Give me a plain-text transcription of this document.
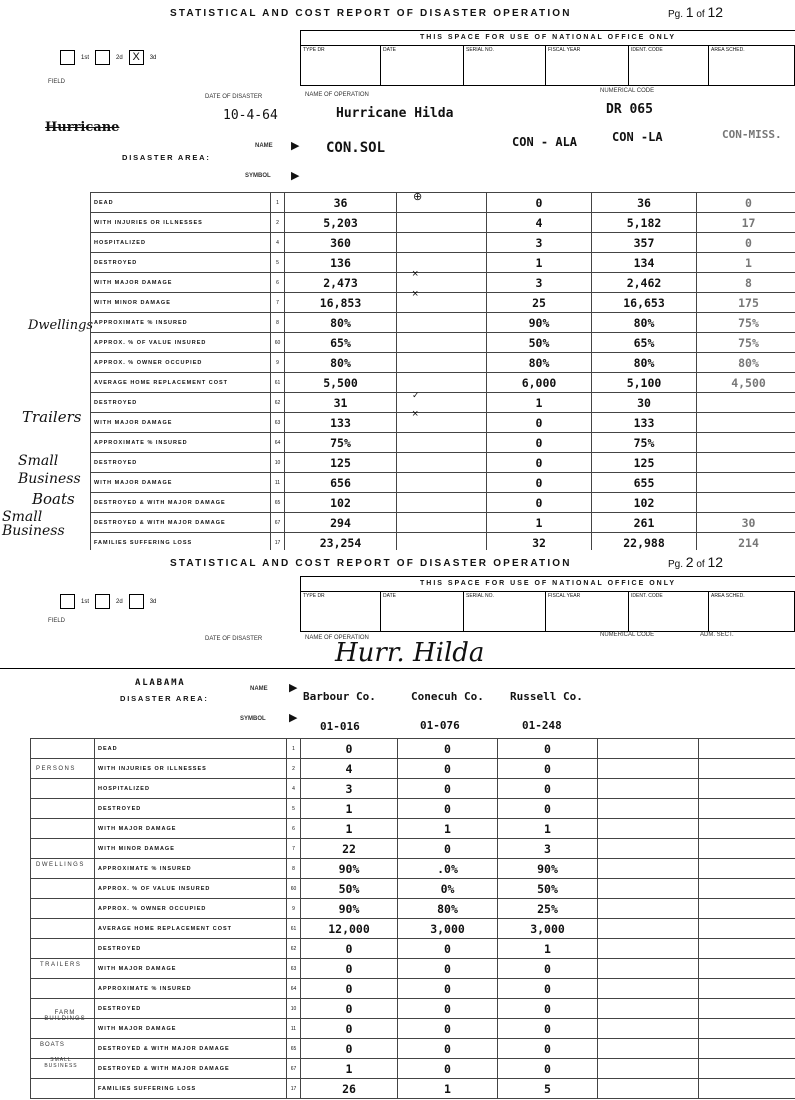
STATISTICAL AND COST REPORT OF DISASTER OPERATION	Pg. 1 of 12
THIS SPACE FOR USE OF NATIONAL OFFICE ONLY
TYPE DR	DATE	SERIAL NO.	FISCAL YEAR	IDENT. CODE	AREA SCHED.
1st	2d X	3d
FIELD
DATE OF DISASTER	NAME OF OPERATION
NUMERICAL CODE
Hurricane
10-4-64	Hurricane Hilda	DR 065
DISASTER AREA:
NAME
SYMBOL
▶
▶
CON.SOL	CON - ALA	CON -LA	CON-MISS.
Dwellings
Trailers
Small Business
Boats
Small Business
DEAD	1	36		0	36	0
WITH INJURIES OR ILLNESSES	2	5,203		4	5,182	17
HOSPITALIZED	4	360		3	357	0
DESTROYED	5	136		1	134	1
WITH MAJOR DAMAGE	6	2,473		3	2,462	8
WITH MINOR DAMAGE	7	16,853		25	16,653	175
APPROXIMATE % INSURED	8	80%		90%	80%	75%
APPROX. % OF VALUE INSURED	60	65%		50%	65%	75%
APPROX. % OWNER OCCUPIED	9	80%		80%	80%	80%
AVERAGE HOME REPLACEMENT COST	61	5,500		6,000	5,100	4,500
DESTROYED	62	31		1	30	
WITH MAJOR DAMAGE	63	133		0	133	
APPROXIMATE % INSURED	64	75%		0	75%	
DESTROYED	10	125		0	125	
WITH MAJOR DAMAGE	11	656		0	655	
DESTROYED & WITH MAJOR DAMAGE	65	102		0	102	
DESTROYED & WITH MAJOR DAMAGE	67	294		1	261	30
FAMILIES SUFFERING LOSS	17	23,254		32	22,988	214
⊕
×
×
✓
×
STATISTICAL AND COST REPORT OF DISASTER OPERATION	Pg. 2 of 12
THIS SPACE FOR USE OF NATIONAL OFFICE ONLY
TYPE DR	DATE	SERIAL NO.	FISCAL YEAR	IDENT. CODE	AREA SCHED.
1st	2d	3d
FIELD
DATE OF DISASTER	NAME OF OPERATION	NUMERICAL CODE	ADM. SECT.
Hurr. Hilda
ALABAMA
DISASTER AREA:
NAME
SYMBOL
▶
▶
Barbour Co.	Conecuh Co. Russell Co.
01-016	01-076	01-248
PERSONS
DWELLINGS
TRAILERS
FARM BUILDINGS
BOATS
SMALL BUSINESS
	DEAD	1	0	0	0		
	WITH INJURIES OR ILLNESSES	2	4	0	0		
	HOSPITALIZED	4	3	0	0		
	DESTROYED	5	1	0	0		
	WITH MAJOR DAMAGE	6	1	1	1		
	WITH MINOR DAMAGE	7	22	0	3		
	APPROXIMATE % INSURED	8	90%	.0%	90%		
	APPROX. % OF VALUE INSURED	60	50%	0%	50%		
	APPROX. % OWNER OCCUPIED	9	90%	80%	25%		
	AVERAGE HOME REPLACEMENT COST	61	12,000	3,000	3,000		
	DESTROYED	62	0	0	1		
	WITH MAJOR DAMAGE	63	0	0	0		
	APPROXIMATE % INSURED	64	0	0	0		
	DESTROYED	10	0	0	0		
	WITH MAJOR DAMAGE	11	0	0	0		
	DESTROYED & WITH MAJOR DAMAGE	65	0	0	0		
	DESTROYED & WITH MAJOR DAMAGE	67	1	0	0		
	FAMILIES SUFFERING LOSS	17	26	1	5		
